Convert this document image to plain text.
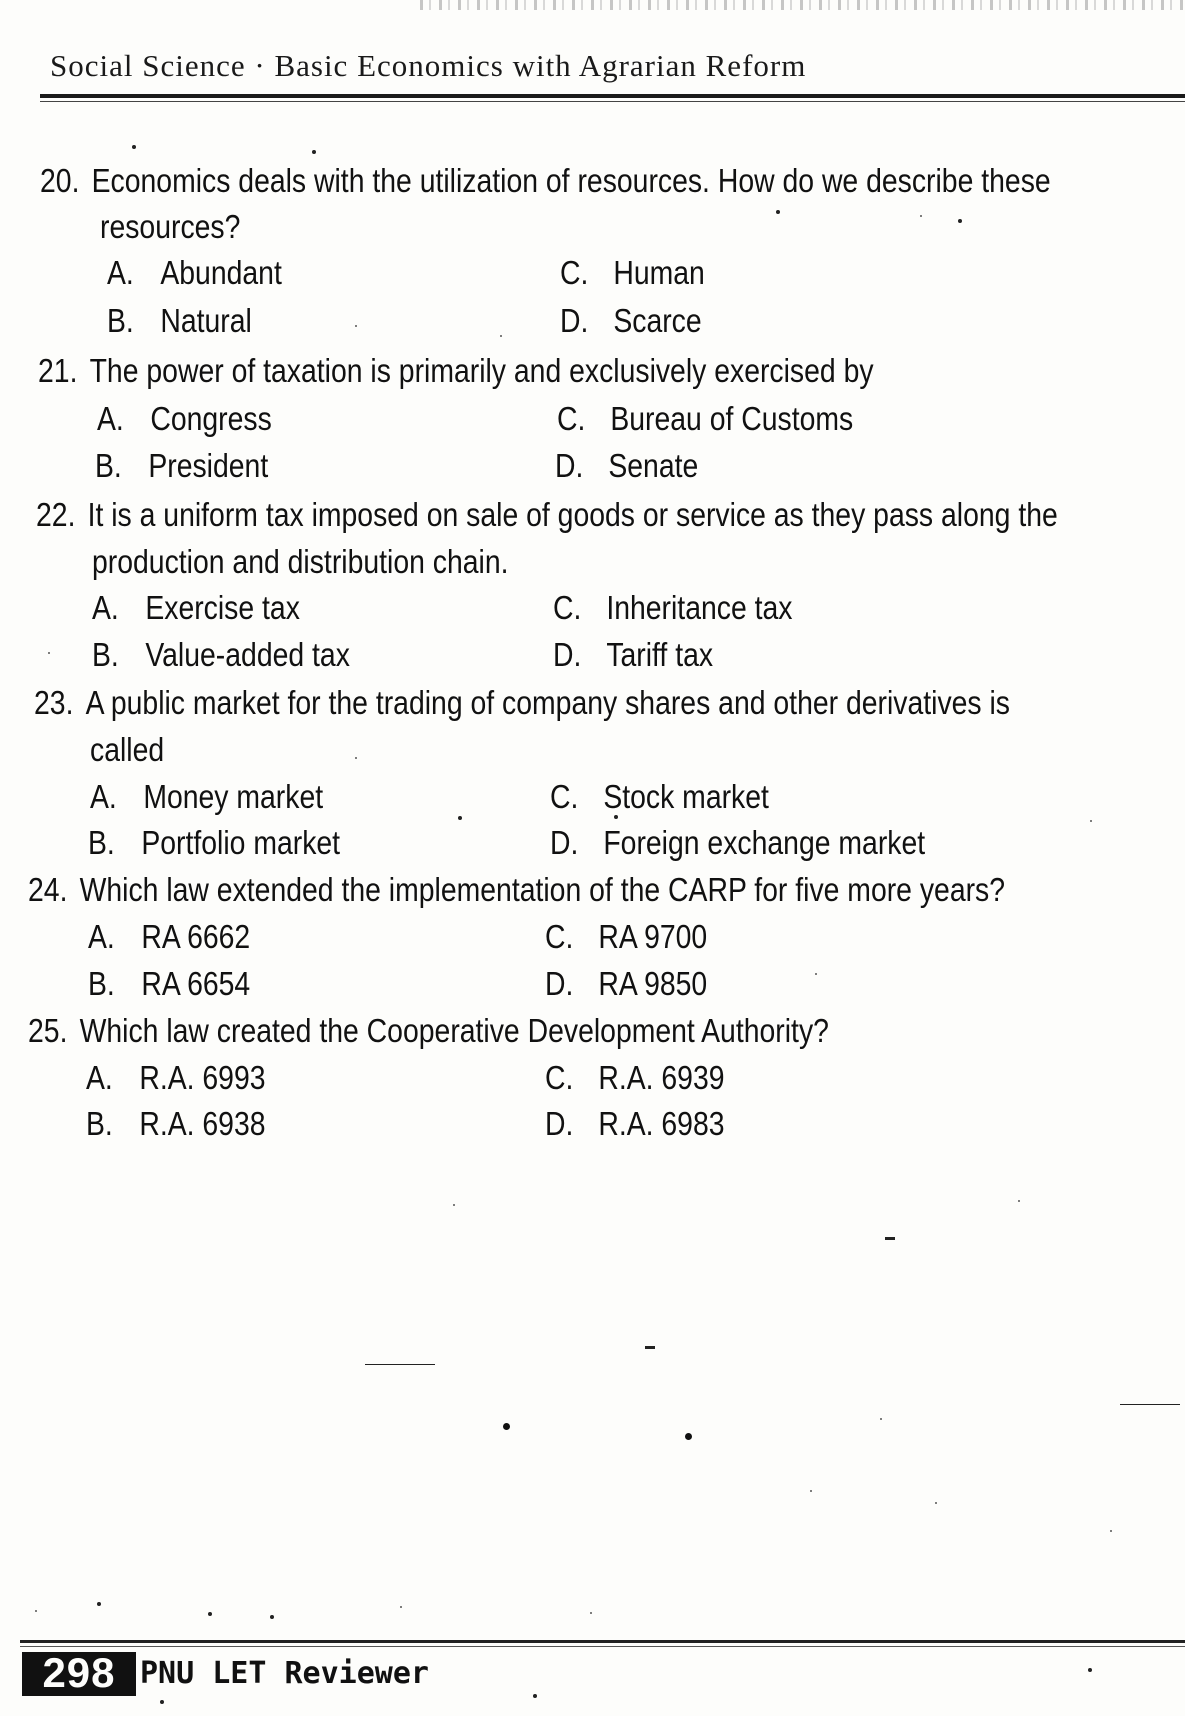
Social Science · Basic Economics with Agrarian Reform
20. Economics deals with the utilization of resources. How do we describe these
resources?
A. Abundant	C. Human
B. Natural	D. Scarce
21. The power of taxation is primarily and exclusively exercised by
A. Congress	C. Bureau of Customs
B. President	D. Senate
22. It is a uniform tax imposed on sale of goods or service as they pass along the
production and distribution chain.
A. Exercise tax	C. Inheritance tax
B. Value-added tax	D. Tariff tax
23. A public market for the trading of company shares and other derivatives is
called
A. Money market	C. Stock market
B. Portfolio market	D. Foreign exchange market
24. Which law extended the implementation of the CARP for five more years?
A. RA 6662	C. RA 9700
B. RA 6654	D. RA 9850
25. Which law created the Cooperative Development Authority?
A. R.A. 6993	C. R.A. 6939
B. R.A. 6938	D. R.A. 6983
298 PNU LET Reviewer
